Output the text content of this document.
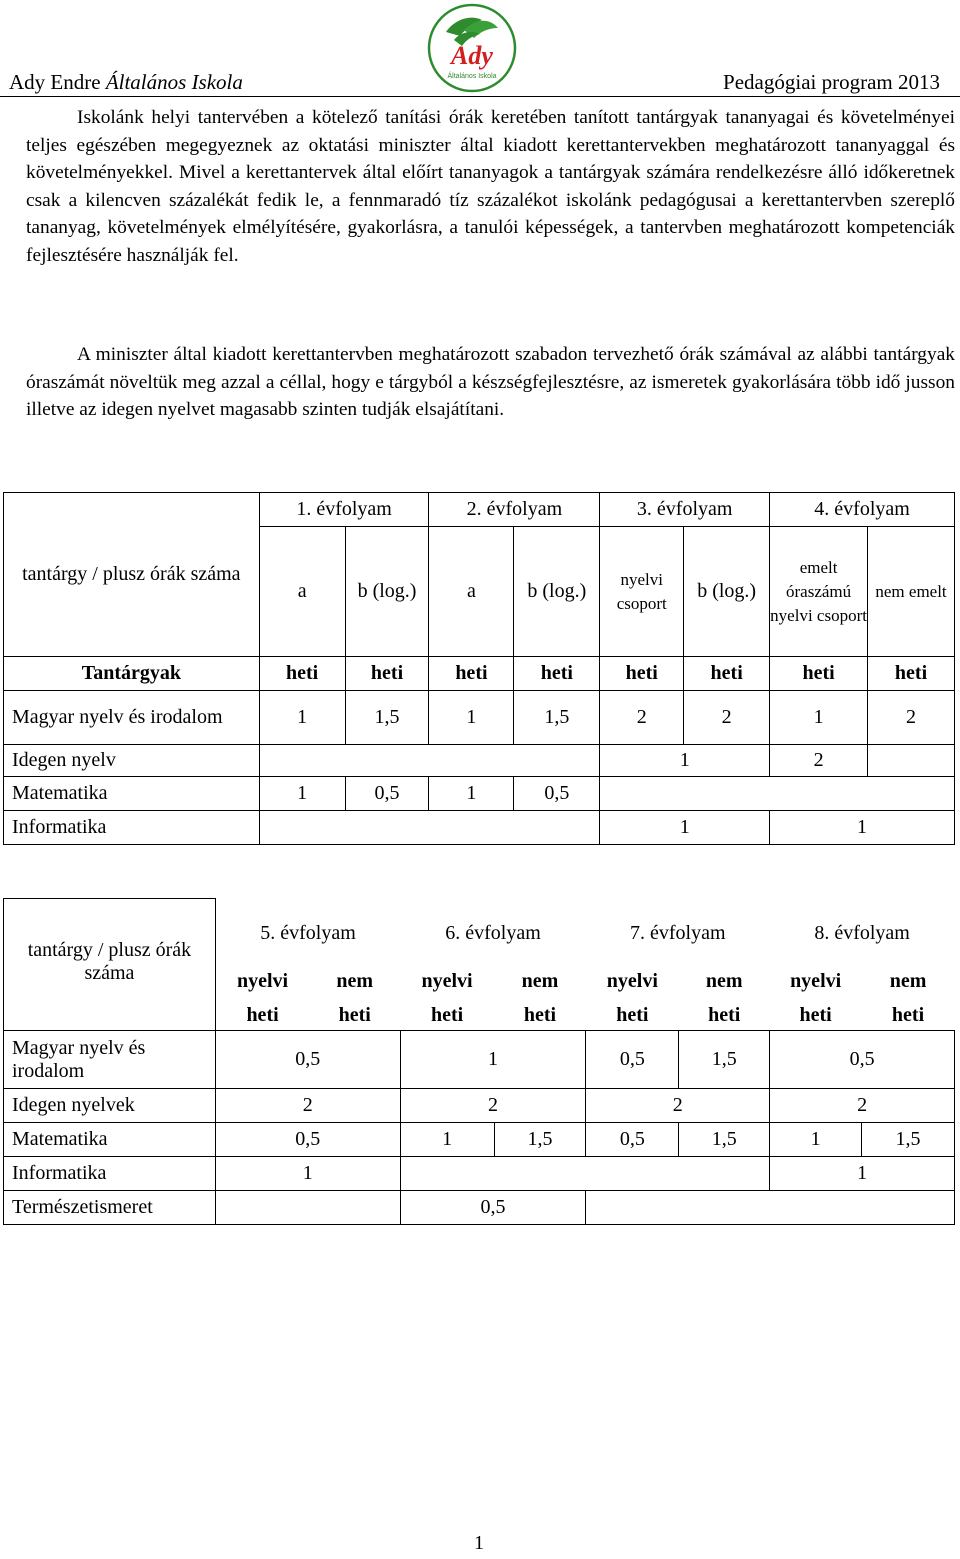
Ady Endre Általános Iskola
Ady
Általános Iskola	Pedagógiai program 2013
Iskolánk helyi tantervében a kötelező tanítási órák keretében tanított tantárgyak tananyagai és követelményei teljes egészében megegyeznek az oktatási miniszter által kiadott kerettantervekben meghatározott tananyaggal és követelményekkel. Mivel a kerettantervek által előírt tananyagok a tantárgyak számára rendelkezésre álló időkeretnek csak a kilencven százalékát fedik le, a fennmaradó tíz százalékot iskolánk pedagógusai a kerettantervben szereplő tananyag, követelmények elmélyítésére, gyakorlásra, a tanulói képességek, a tantervben meghatározott kompetenciák fejlesztésére használják fel.
A miniszter által kiadott kerettantervben meghatározott szabadon tervezhető órák számával az alábbi tantárgyak óraszámát növeltük meg azzal a céllal, hogy e tárgyból a készségfejlesztésre, az ismeretek gyakorlására több idő jusson illetve az idegen nyelvet magasabb szinten tudják elsajátítani.
tantárgy / plusz órák száma	1. évfolyam		2. évfolyam		3. évfolyam		4. évfolyam	
	a	b (log.)	a	b (log.)	nyelvi csoport	b (log.)	emelt óraszámú nyelvi csoport	nem emelt
Tantárgyak	heti	heti	heti	heti	heti	heti	heti	heti
Magyar nyelv és irodalom	1	1,5	1	1,5	2	2	1	2
Idegen nyelv					1		2	
Matematika	1	0,5	1	0,5				
Informatika					1		1	
tantárgy / plusz órák száma	5. évfolyam		6. évfolyam		7. évfolyam		8. évfolyam	
	nyelvi	nem	nyelvi	nem	nyelvi	nem	nyelvi	nem
	heti	heti	heti	heti	heti	heti	heti	heti
Magyar nyelv és irodalom	0,5		1		0,5	1,5	0,5	
Idegen nyelvek	2		2		2		2	
Matematika	0,5		1	1,5	0,5	1,5	1	1,5
Informatika	1						1	
Természetismeret			0,5					
1
